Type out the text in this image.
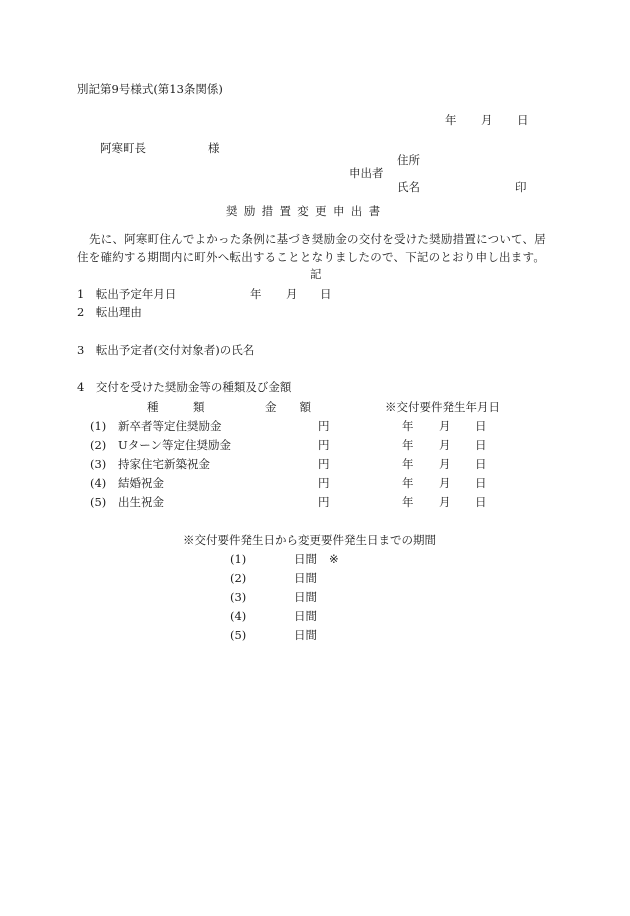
別記第9号様式(第13条関係)
年 月 日
阿寒町長	様
住所
申出者
氏名	印
奨励措置変更申出書
先に、阿寒町住んでよかった条例に基づき奨励金の交付を受けた奨励措置について、居
住を確約する期間内に町外へ転出することとなりましたので、下記のとおり申し出ます。
記
1　転出予定年月日	年 月 日
2　転出理由
3　転出予定者(交付対象者)の氏名
4　交付を受けた奨励金等の種類及び金額
種　　　類	金　　額	※交付要件発生年月日
(1) 新卒者等定住奨励金	円	年 月 日
(2) Uターン等定住奨励金	円	年 月 日
(3) 持家住宅新築祝金	円	年 月 日
(4) 結婚祝金	円	年 月 日
(5) 出生祝金	円	年 月 日
※交付要件発生日から変更要件発生日までの期間
(1)	日間 ※
(2)	日間
(3)	日間
(4)	日間
(5)	日間
